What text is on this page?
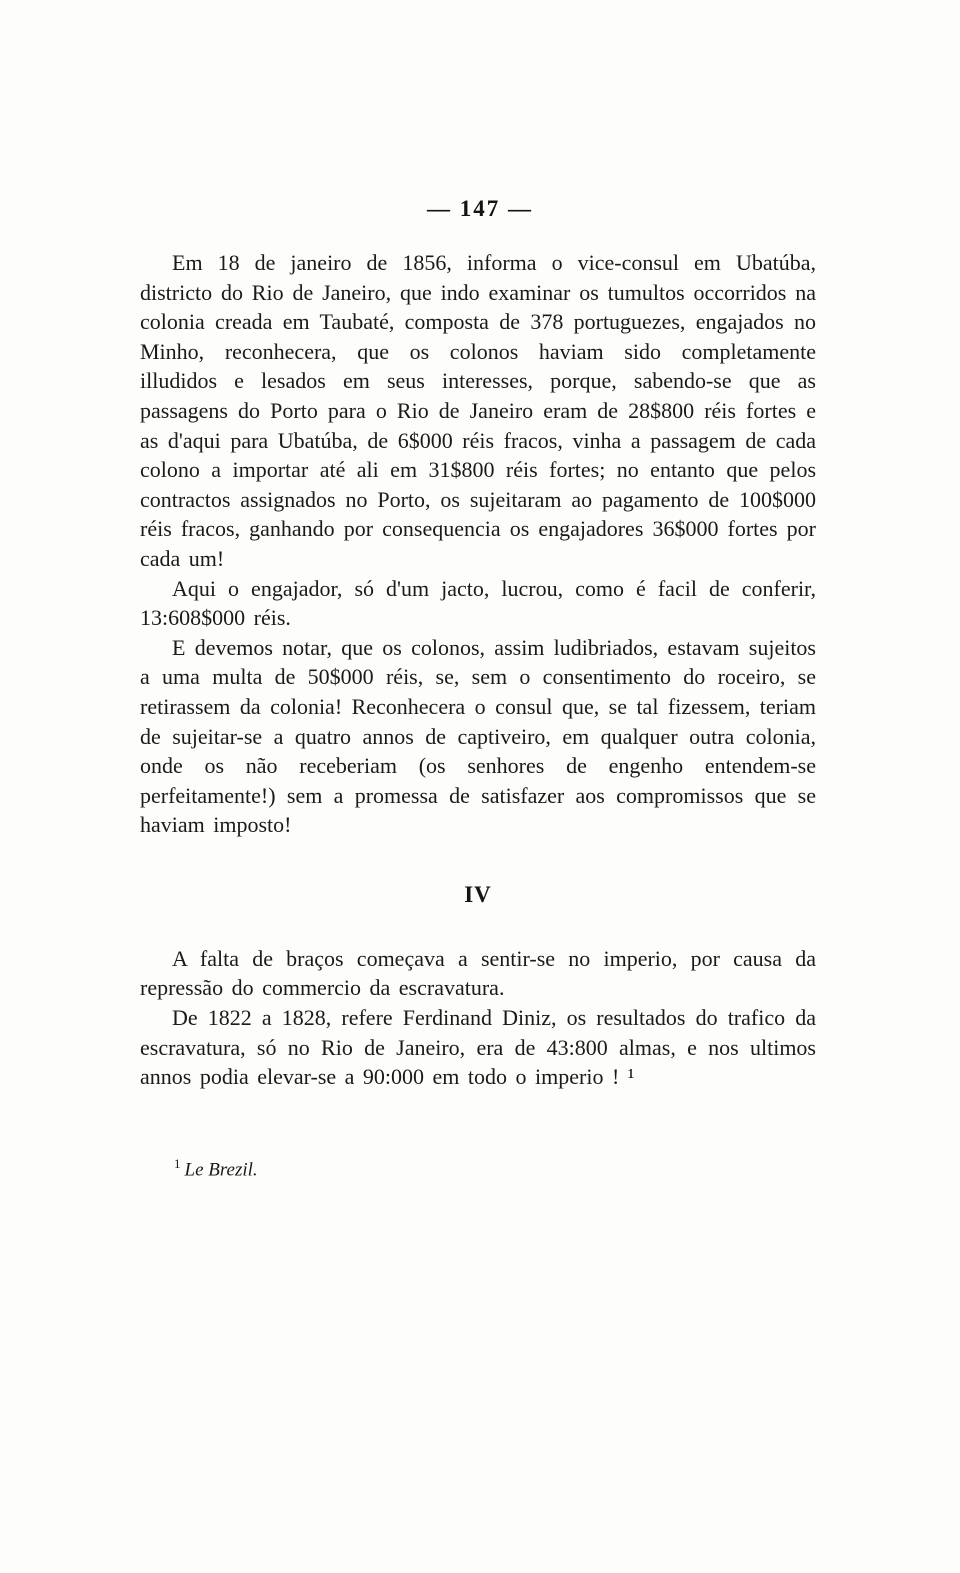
— 147 —

Em 18 de janeiro de 1856, informa o vice-consul em Ubatúba, districto do Rio de Janeiro, que indo examinar os tumultos occorridos na colonia creada em Taubaté, composta de 378 portuguezes, engajados no Minho, reconhecera, que os colonos haviam sido completamente illudidos e lesados em seus interesses, porque, sabendo-se que as passagens do Porto para o Rio de Janeiro eram de 28$800 réis fortes e as d'aqui para Ubatúba, de 6$000 réis fracos, vinha a passagem de cada colono a importar até ali em 31$800 réis fortes; no entanto que pelos contractos assignados no Porto, os sujeitaram ao pagamento de 100$000 réis fracos, ganhando por consequencia os engajadores 36$000 fortes por cada um!

Aqui o engajador, só d'um jacto, lucrou, como é facil de conferir, 13:608$000 réis.

E devemos notar, que os colonos, assim ludibriados, estavam sujeitos a uma multa de 50$000 réis, se, sem o consentimento do roceiro, se retirassem da colonia! Reconhecera o consul que, se tal fizessem, teriam de sujeitar-se a quatro annos de captiveiro, em qualquer outra colonia, onde os não receberiam (os senhores de engenho entendem-se perfeitamente!) sem a promessa de satisfazer aos compromissos que se haviam imposto!

IV

A falta de braços começava a sentir-se no imperio, por causa da repressão do commercio da escravatura.

De 1822 a 1828, refere Ferdinand Diniz, os resultados do trafico da escravatura, só no Rio de Janeiro, era de 43:800 almas, e nos ultimos annos podia elevar-se a 90:000 em todo o imperio ! ¹

$^1$ Le Brezil.
